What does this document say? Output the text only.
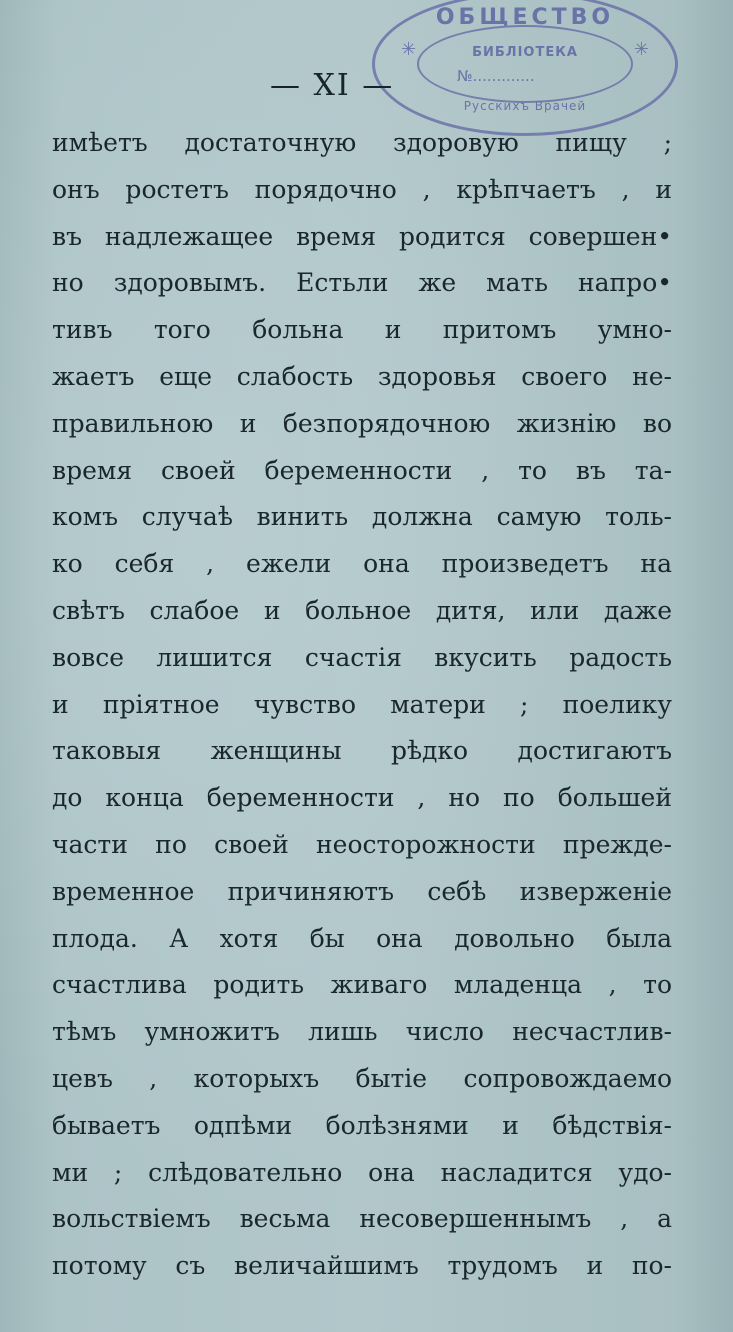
ОБЩЕСТВО
✳	✳
БИБЛІОТЕКА
№.............
Русскихъ Врачей
— XI —
имѣетъ достаточную здоровую пищу ;
онъ ростетъ порядочно , крѣпчаетъ , и
въ надлежащее время родится совершен•
но здоровымъ. Естьли же мать напро•
тивъ того больна и притомъ умно-
жаетъ еще слабость здоровья своего не-
правильною и безпорядочною жизнію во
время своей беременности , то въ та-
комъ случаѣ винить должна самую толь-
ко себя , ежели она произведетъ на
свѣтъ слабое и больное дитя, или даже
вовсе лишится счастія вкусить радость
и пріятное чувство матери ; поелику
таковыя женщины рѣдко достигаютъ
до конца беременности , но по большей
части по своей неосторожности прежде-
временное причиняютъ себѣ изверженіе
плода. А хотя бы она довольно была
счастлива родить живаго младенца , то
тѣмъ умножитъ лишь число несчастлив-
цевъ , которыхъ бытіе сопровождаемо
бываетъ одпѣми болѣзнями и бѣдствія-
ми ; слѣдовательно она насладится удо-
вольствіемъ весьма несовершеннымъ , а
потому съ величайшимъ трудомъ и по-
